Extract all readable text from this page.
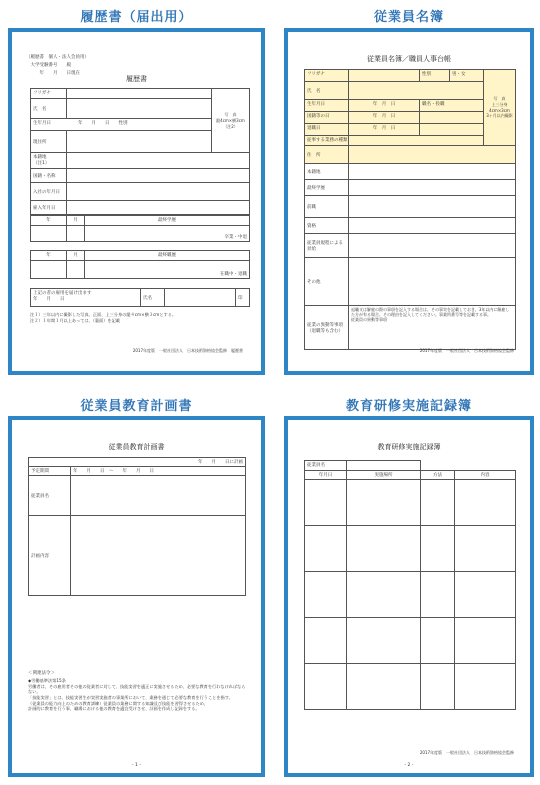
履歴書（届出用）
（履歴書　個人・法人会員用）
　大学受験番号　　殿
　　　年　　月　　日現在
履歴書
フリガナ		写　真
縦4cm×横3cm
（注2）
氏　名		
生年月日　　　　　　年　　月　　日　　性別		
現住所		
本籍地
（注1）		
国籍・名称		
入社の年月日		
雇入年月日		
年	月	最終学歴
		卒業・中退
年	月	最終職歴
		在職中・退職
上記の者の雇用を届け出ます
年　　月　　日	氏名		印
注１）三年以内に撮影した写真、正面、上三分身の縦４cm×横３cmとする。
注２）１年間１月以上あっては、（裏面）を記載
2017年度版　一般社団法人　日本技術資格協会監修　履歴書
従業員名簿
従業員名簿／職員人事台帳
フリガナ		性別	男・女	写　真
上三分身
4cm×3cm
3ヶ月以内撮影
氏　名				
生年月日	年　月　日	職名・役職		
国籍等の日	年　月　日			
退職日	年　月　日			
従事する業務の種類				
住　所				
本籍地				
最終学歴				
前職				
資格				
従業員規程による昇給				
その他				
従業の異動等事項
（退職等も含む）	退職又は解雇の際の事項を記入する場合は、その事実を記載しておき、3年以内に解雇した方が有る場合、その理由を記入してください。事業所番号等を記載する事。
従業員の異動等事項			
2017年度版　一般社団法人　日本技術資格協会監修
従業員教育計画書
従業員教育計画書
年　　月　　日に計画	
予定期間	年　　月　　日　〜　　年　　月　　日
従業員名	
計画内容	
＜関連法令＞
◆労働基準法第15条
労働者は、その雇用者その他の従業者に対して、技能実習を適正に実施させるため、必要な教育を行わなければならない。
「技能実習」とは、技能実習生が実習実施者の事業所において、業務を通じて必要な教育を行うことを指す。
（従業員の能力向上のための教育訓練）従業員の業務に関する知識及び技能を習得させるため、
計画的に教育を行う事、職場における他の教育を適宜受けさせ、計画を作成し記録をする。
- 1 -
教育研修実施記録簿
教育研修実施記録簿
従業員名			
年月日	実施場所	方法	内容

2017年度版　一般社団法人　日本技術資格協会監修
- 2 -
